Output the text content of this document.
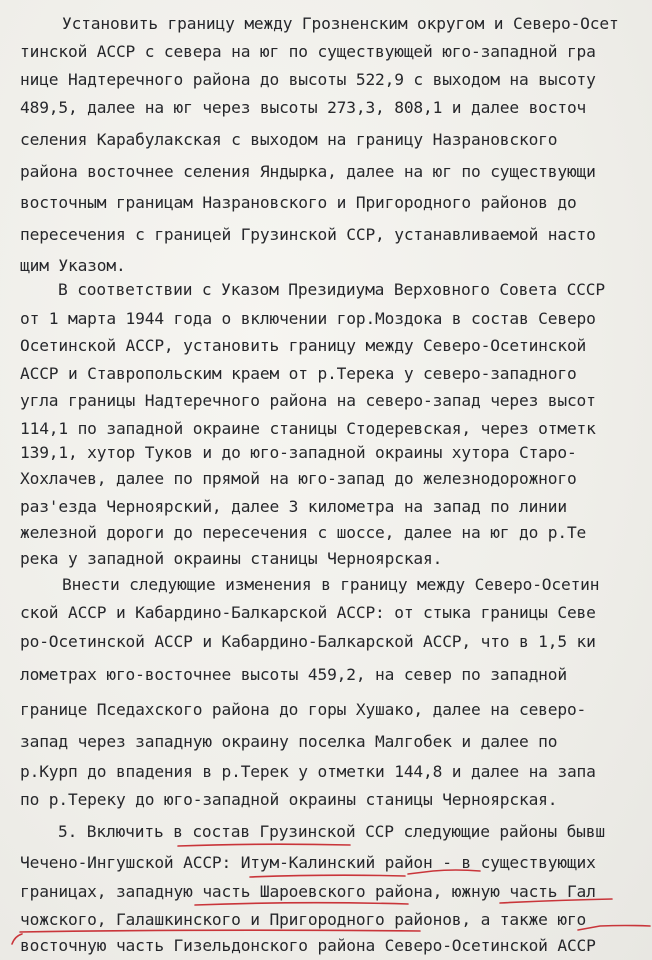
Установить границу между Грозненским округом и Северо-Осет
тинской АССР с севера на юг по существующей юго-западной гра
нице Надтеречного района до высоты 522,9 с выходом на высоту
489,5, далее на юг через высоты 273,3, 808,1 и далее восточ
селения Карабулакская с выходом на границу Назрановского
района восточнее селения Яндырка, далее на юг по существующи
восточным границам Назрановского и Пригородного районов до
пересечения с границей Грузинской ССР, устанавливаемой насто
щим Указом.
В соответствии с Указом Президиума Верховного Совета СССР
от 1 марта 1944 года о включении гор.Моздока в состав Северо
Осетинской АССР, установить границу между Северо-Осетинской
АССР и Ставропольским краем от р.Терека у северо-западного
угла границы Надтеречного района на северо-запад через высот
114,1 по западной окраине станицы Стодеревская, через отметк
139,1, хутор Туков и до юго-западной окраины хутора Старо-
Хохлачев, далее по прямой на юго-запад до железнодорожного
раз'езда Черноярский, далее 3 километра на запад по линии
железной дороги до пересечения с шоссе, далее на юг до р.Те
река у западной окраины станицы Черноярская.
Внести следующие изменения в границу между Северо-Осетин
ской АССР и Кабардино-Балкарской АССР: от стыка границы Севе
ро-Осетинской АССР и Кабардино-Балкарской АССР, что в 1,5 ки
лометрах юго-восточнее высоты 459,2, на север по западной
границе Пседахского района до горы Хушако, далее на северо-
запад через западную окраину поселка Малгобек и далее по
р.Курп до впадения в р.Терек у отметки 144,8 и далее на запа
по р.Тереку до юго-западной окраины станицы Черноярская.
5. Включить в состав Грузинской ССР следующие районы бывш
Чечено-Ингушской АССР: Итум-Калинский район - в существующих
границах, западную часть Шароевского района, южную часть Гал
чожского, Галашкинского и Пригородного районов, а также юго
восточную часть Гизельдонского района Северо-Осетинской АССР
